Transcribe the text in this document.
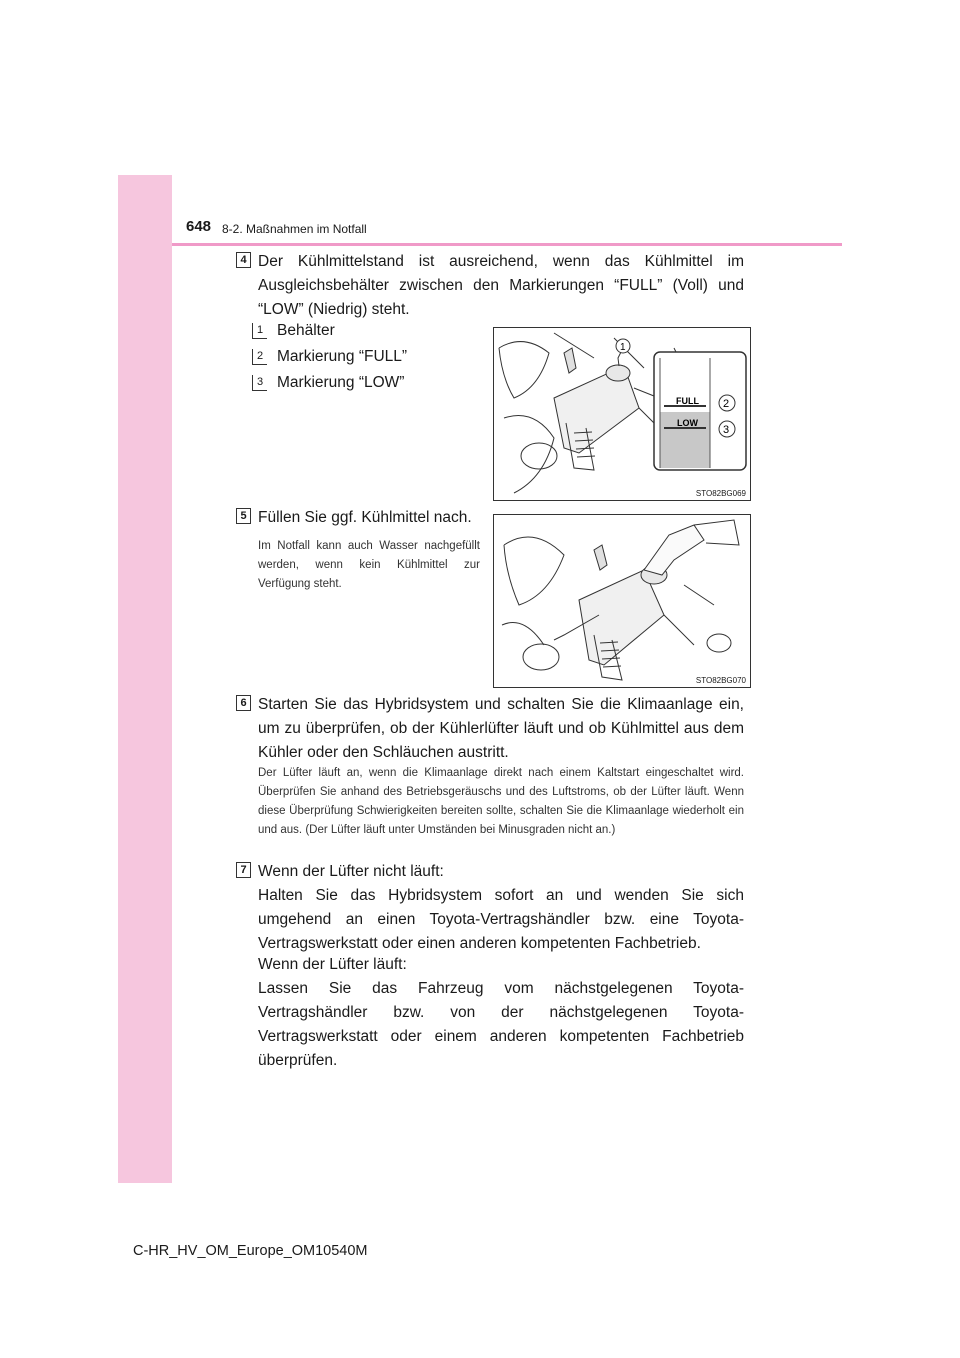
648 8-2. Maßnahmen im Notfall
4 Der Kühlmittelstand ist ausreichend, wenn das Kühlmittel im Ausgleichsbehälter zwischen den Markierungen “FULL” (Voll) und “LOW” (Niedrig) steht.
1 Behälter
2 Markierung “FULL”
3 Markierung “LOW”
1
FULL
LOW
2
3
STO82BG069
5 Füllen Sie ggf. Kühlmittel nach.
Im Notfall kann auch Wasser nachgefüllt werden, wenn kein Kühlmittel zur Verfügung steht.
STO82BG070
6 Starten Sie das Hybridsystem und schalten Sie die Klimaanlage ein, um zu überprüfen, ob der Kühlerlüfter läuft und ob Kühlmittel aus dem Kühler oder den Schläuchen austritt.
Der Lüfter läuft an, wenn die Klimaanlage direkt nach einem Kaltstart eingeschaltet wird. Überprüfen Sie anhand des Betriebsgeräuschs und des Luftstroms, ob der Lüfter läuft. Wenn diese Überprüfung Schwierigkeiten bereiten sollte, schalten Sie die Klimaanlage wiederholt ein und aus. (Der Lüfter läuft unter Umständen bei Minusgraden nicht an.)
7 Wenn der Lüfter nicht läuft:
Halten Sie das Hybridsystem sofort an und wenden Sie sich umgehend an einen Toyota-Vertragshändler bzw. eine Toyota-Vertragswerkstatt oder einen anderen kompetenten Fachbetrieb.
Wenn der Lüfter läuft:
Lassen Sie das Fahrzeug vom nächstgelegenen Toyota-Vertragshändler bzw. von der nächstgelegenen Toyota-Vertragswerkstatt oder einem anderen kompetenten Fachbetrieb überprüfen.
C-HR_HV_OM_Europe_OM10540M
